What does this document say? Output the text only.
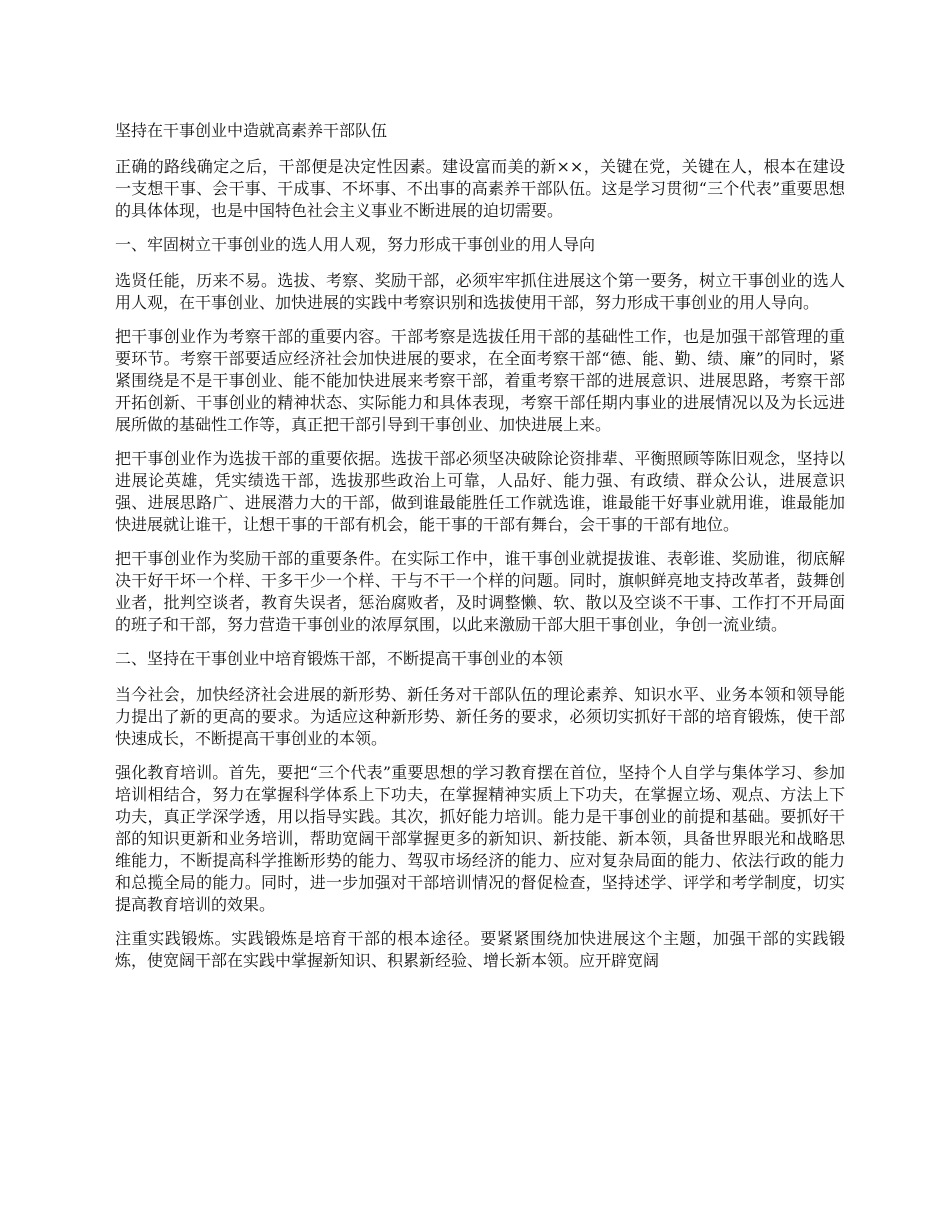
坚持在干事创业中造就高素养干部队伍

正确的路线确定之后，干部便是决定性因素。建设富而美的新××，关键在党，关键在人，根本在建设一支想干事、会干事、干成事、不坏事、不出事的高素养干部队伍。这是学习贯彻“三个代表”重要思想的具体体现，也是中国特色社会主义事业不断进展的迫切需要。

一、牢固树立干事创业的选人用人观，努力形成干事创业的用人导向

选贤任能，历来不易。选拔、考察、奖励干部，必须牢牢抓住进展这个第一要务，树立干事创业的选人用人观，在干事创业、加快进展的实践中考察识别和选拔使用干部，努力形成干事创业的用人导向。

把干事创业作为考察干部的重要内容。干部考察是选拔任用干部的基础性工作，也是加强干部管理的重要环节。考察干部要适应经济社会加快进展的要求，在全面考察干部“德、能、勤、绩、廉”的同时，紧紧围绕是不是干事创业、能不能加快进展来考察干部，着重考察干部的进展意识、进展思路，考察干部开拓创新、干事创业的精神状态、实际能力和具体表现，考察干部任期内事业的进展情况以及为长远进展所做的基础性工作等，真正把干部引导到干事创业、加快进展上来。

把干事创业作为选拔干部的重要依据。选拔干部必须坚决破除论资排辈、平衡照顾等陈旧观念，坚持以进展论英雄，凭实绩选干部，选拔那些政治上可靠，人品好、能力强、有政绩、群众公认，进展意识强、进展思路广、进展潜力大的干部，做到谁最能胜任工作就选谁，谁最能干好事业就用谁，谁最能加快进展就让谁干，让想干事的干部有机会，能干事的干部有舞台，会干事的干部有地位。

把干事创业作为奖励干部的重要条件。在实际工作中，谁干事创业就提拔谁、表彰谁、奖励谁，彻底解决干好干坏一个样、干多干少一个样、干与不干一个样的问题。同时，旗帜鲜亮地支持改革者，鼓舞创业者，批判空谈者，教育失误者，惩治腐败者，及时调整懒、软、散以及空谈不干事、工作打不开局面的班子和干部，努力营造干事创业的浓厚氛围，以此来激励干部大胆干事创业，争创一流业绩。

二、坚持在干事创业中培育锻炼干部，不断提高干事创业的本领

当今社会，加快经济社会进展的新形势、新任务对干部队伍的理论素养、知识水平、业务本领和领导能力提出了新的更高的要求。为适应这种新形势、新任务的要求，必须切实抓好干部的培育锻炼，使干部快速成长，不断提高干事创业的本领。

强化教育培训。首先，要把“三个代表”重要思想的学习教育摆在首位，坚持个人自学与集体学习、参加培训相结合，努力在掌握科学体系上下功夫，在掌握精神实质上下功夫，在掌握立场、观点、方法上下功夫，真正学深学透，用以指导实践。其次，抓好能力培训。能力是干事创业的前提和基础。要抓好干部的知识更新和业务培训，帮助宽阔干部掌握更多的新知识、新技能、新本领，具备世界眼光和战略思维能力，不断提高科学推断形势的能力、驾驭市场经济的能力、应对复杂局面的能力、依法行政的能力和总揽全局的能力。同时，进一步加强对干部培训情况的督促检查，坚持述学、评学和考学制度，切实提高教育培训的效果。

注重实践锻炼。实践锻炼是培育干部的根本途径。要紧紧围绕加快进展这个主题，加强干部的实践锻炼，使宽阔干部在实践中掌握新知识、积累新经验、增长新本领。应开辟宽阔
